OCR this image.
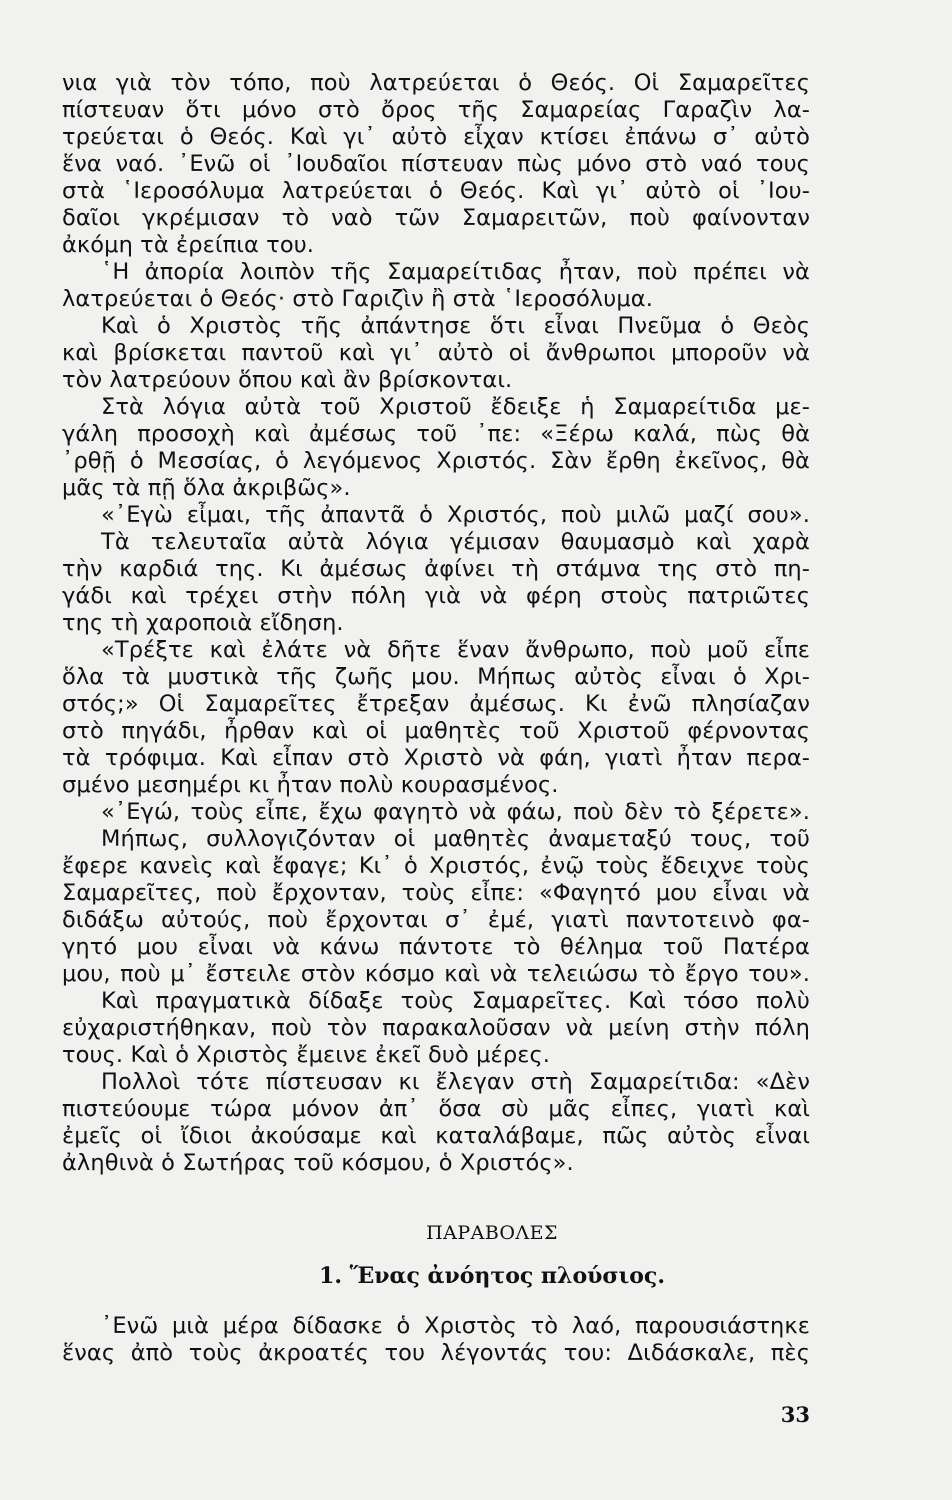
νια γιὰ τὸν τόπο, ποὺ λατρεύεται ὁ Θεός. Οἱ Σαμαρεῖτες
πίστευαν ὅτι μόνο στὸ ὄρος τῆς Σαμαρείας Γαραζὶν λα-
τρεύεται ὁ Θεός. Καὶ γι᾿ αὐτὸ εἶχαν κτίσει ἐπάνω σ᾿ αὐτὸ
ἕνα ναό. ᾿Ενῶ οἱ ᾿Ιουδαῖοι πίστευαν πὼς μόνο στὸ ναό τους
στὰ ῾Ιεροσόλυμα λατρεύεται ὁ Θεός. Καὶ γι᾿ αὐτὸ οἱ ᾿Ιου-
δαῖοι γκρέμισαν τὸ ναὸ τῶν Σαμαρειτῶν, ποὺ φαίνονταν
ἀκόμη τὰ ἐρείπια του.
῾Η ἀπορία λοιπὸν τῆς Σαμαρείτιδας ἦταν, ποὺ πρέπει νὰ
λατρεύεται ὁ Θεός· στὸ Γαριζὶν ἢ στὰ ῾Ιεροσόλυμα.
Καὶ ὁ Χριστὸς τῆς ἀπάντησε ὅτι εἶναι Πνεῦμα ὁ Θεὸς
καὶ βρίσκεται παντοῦ καὶ γι᾿ αὐτὸ οἱ ἄνθρωποι μποροῦν νὰ
τὸν λατρεύουν ὅπου καὶ ἂν βρίσκονται.
Στὰ λόγια αὐτὰ τοῦ Χριστοῦ ἔδειξε ἡ Σαμαρείτιδα με-
γάλη προσοχὴ καὶ ἀμέσως τοῦ ᾿πε: «Ξέρω καλά, πὼς θὰ
᾿ρθῇ ὁ Μεσσίας, ὁ λεγόμενος Χριστός. Σὰν ἔρθη ἐκεῖνος, θὰ
μᾶς τὰ πῇ ὅλα ἀκριβῶς».
«᾿Εγὼ εἶμαι, τῆς ἀπαντᾶ ὁ Χριστός, ποὺ μιλῶ μαζί σου».
Τὰ τελευταῖα αὐτὰ λόγια γέμισαν θαυμασμὸ καὶ χαρὰ
τὴν καρδιά της. Κι ἀμέσως ἀφίνει τὴ στάμνα της στὸ πη-
γάδι καὶ τρέχει στὴν πόλη γιὰ νὰ φέρη στοὺς πατριῶτες
της τὴ χαροποιὰ εἴδηση.
«Τρέξτε καὶ ἐλάτε νὰ δῆτε ἕναν ἄνθρωπο, ποὺ μοῦ εἶπε
ὅλα τὰ μυστικὰ τῆς ζωῆς μου. Μήπως αὐτὸς εἶναι ὁ Χρι-
στός;» Οἱ Σαμαρεῖτες ἔτρεξαν ἀμέσως. Κι ἐνῶ πλησίαζαν
στὸ πηγάδι, ἦρθαν καὶ οἱ μαθητὲς τοῦ Χριστοῦ φέρνοντας
τὰ τρόφιμα. Καὶ εἶπαν στὸ Χριστὸ νὰ φάη, γιατὶ ἦταν περα-
σμένο μεσημέρι κι ἦταν πολὺ κουρασμένος.
«᾿Εγώ, τοὺς εἶπε, ἔχω φαγητὸ νὰ φάω, ποὺ δὲν τὸ ξέρετε».
Μήπως, συλλογιζόνταν οἱ μαθητὲς ἀναμεταξύ τους, τοῦ
ἔφερε κανεὶς καὶ ἔφαγε; Κι᾿ ὁ Χριστός, ἐνῷ τοὺς ἔδειχνε τοὺς
Σαμαρεῖτες, ποὺ ἔρχονταν, τοὺς εἶπε: «Φαγητό μου εἶναι νὰ
διδάξω αὐτούς, ποὺ ἔρχονται σ᾿ ἐμέ, γιατὶ παντοτεινὸ φα-
γητό μου εἶναι νὰ κάνω πάντοτε τὸ θέλημα τοῦ Πατέρα
μου, ποὺ μ᾿ ἔστειλε στὸν κόσμο καὶ νὰ τελειώσω τὸ ἔργο του».
Καὶ πραγματικὰ δίδαξε τοὺς Σαμαρεῖτες. Καὶ τόσο πολὺ
εὐχαριστήθηκαν, ποὺ τὸν παρακαλοῦσαν νὰ μείνη στὴν πόλη
τους. Καὶ ὁ Χριστὸς ἔμεινε ἐκεῖ δυὸ μέρες.
Πολλοὶ τότε πίστευσαν κι ἔλεγαν στὴ Σαμαρείτιδα: «Δὲν
πιστεύουμε τώρα μόνον ἀπ᾿ ὅσα σὺ μᾶς εἶπες, γιατὶ καὶ
ἐμεῖς οἱ ἴδιοι ἀκούσαμε καὶ καταλάβαμε, πῶς αὐτὸς εἶναι
ἀληθινὰ ὁ Σωτήρας τοῦ κόσμου, ὁ Χριστός».
ΠΑΡΑΒΟΛΕΣ
1. Ἕνας ἀνόητος πλούσιος.
᾿Ενῶ μιὰ μέρα δίδασκε ὁ Χριστὸς τὸ λαό, παρουσιάστηκε
ἕνας ἀπὸ τοὺς ἀκροατές του λέγοντάς του: Διδάσκαλε, πὲς
33
